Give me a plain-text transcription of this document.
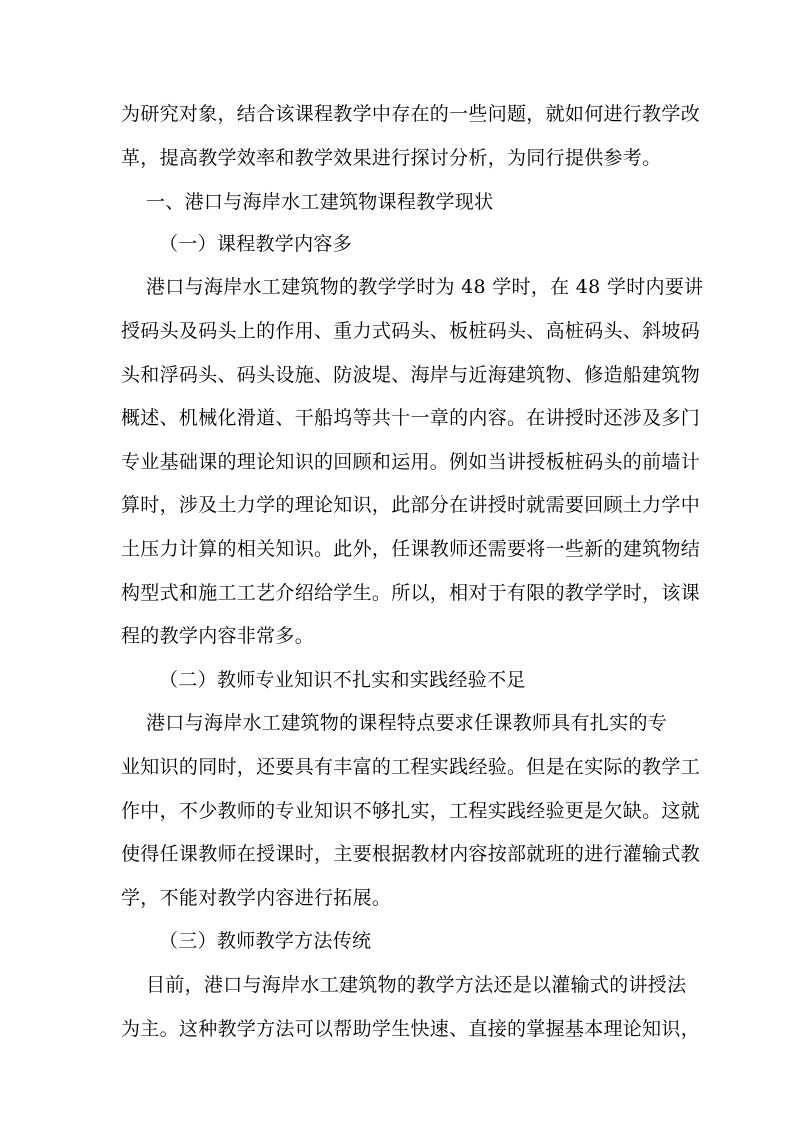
为研究对象，结合该课程教学中存在的一些问题，就如何进行教学改
革，提高教学效率和教学效果进行探讨分析，为同行提供参考。
一、港口与海岸水工建筑物课程教学现状
（一）课程教学内容多
港口与海岸水工建筑物的教学学时为 48 学时，在 48 学时内要讲
授码头及码头上的作用、重力式码头、板桩码头、高桩码头、斜坡码
头和浮码头、码头设施、防波堤、海岸与近海建筑物、修造船建筑物
概述、机械化滑道、干船坞等共十一章的内容。在讲授时还涉及多门
专业基础课的理论知识的回顾和运用。例如当讲授板桩码头的前墙计
算时，涉及土力学的理论知识，此部分在讲授时就需要回顾土力学中
土压力计算的相关知识。此外，任课教师还需要将一些新的建筑物结
构型式和施工工艺介绍给学生。所以，相对于有限的教学学时，该课
程的教学内容非常多。
（二）教师专业知识不扎实和实践经验不足
港口与海岸水工建筑物的课程特点要求任课教师具有扎实的专
业知识的同时，还要具有丰富的工程实践经验。但是在实际的教学工
作中，不少教师的专业知识不够扎实，工程实践经验更是欠缺。这就
使得任课教师在授课时，主要根据教材内容按部就班的进行灌输式教
学，不能对教学内容进行拓展。
（三）教师教学方法传统
目前，港口与海岸水工建筑物的教学方法还是以灌输式的讲授法
为主。这种教学方法可以帮助学生快速、直接的掌握基本理论知识，
